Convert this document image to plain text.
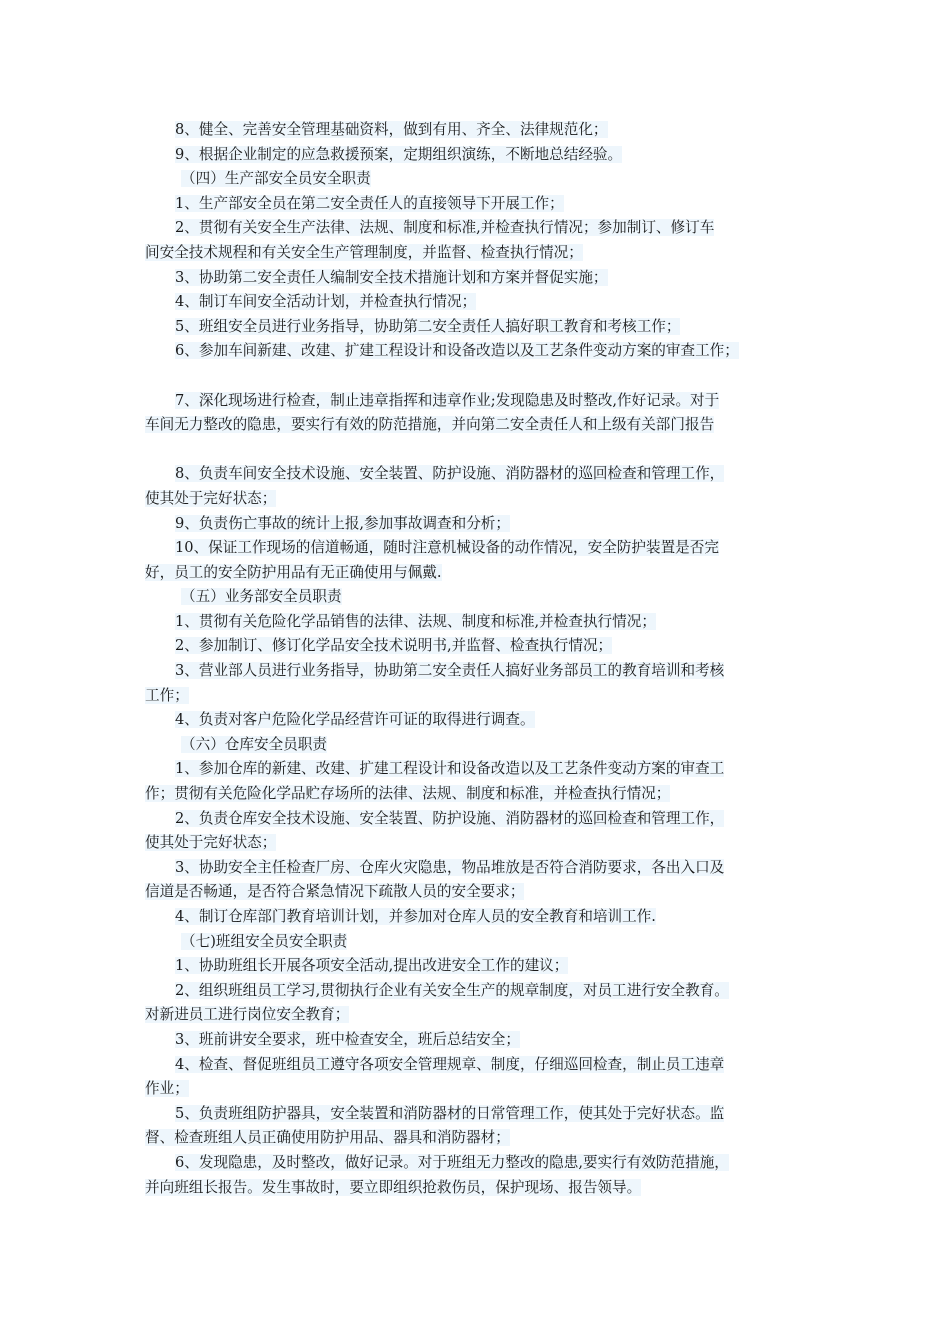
8、健全、完善安全管理基础资料，做到有用、齐全、法律规范化；
9、根据企业制定的应急救援预案，定期组织演练，不断地总结经验。
（四）生产部安全员安全职责
1、生产部安全员在第二安全责任人的直接领导下开展工作；
2、贯彻有关安全生产法律、法规、制度和标准,并检查执行情况；参加制订、修订车
间安全技术规程和有关安全生产管理制度，并监督、检查执行情况；
3、协助第二安全责任人编制安全技术措施计划和方案并督促实施；
4、制订车间安全活动计划，并检查执行情况；
5、班组安全员进行业务指导，协助第二安全责任人搞好职工教育和考核工作；
6、参加车间新建、改建、扩建工程设计和设备改造以及工艺条件变动方案的审查工作；
7、深化现场进行检查，制止违章指挥和违章作业;发现隐患及时整改,作好记录。对于
车间无力整改的隐患，要实行有效的防范措施，并向第二安全责任人和上级有关部门报告
8、负责车间安全技术设施、安全装置、防护设施、消防器材的巡回检查和管理工作，
使其处于完好状态；
9、负责伤亡事故的统计上报,参加事故调查和分析；
10、保证工作现场的信道畅通，随时注意机械设备的动作情况，安全防护装置是否完
好，员工的安全防护用品有无正确使用与佩戴.
（五）业务部安全员职责
1、贯彻有关危险化学品销售的法律、法规、制度和标准,并检查执行情况；
2、参加制订、修订化学品安全技术说明书,并监督、检查执行情况；
3、营业部人员进行业务指导，协助第二安全责任人搞好业务部员工的教育培训和考核
工作；
4、负责对客户危险化学品经营许可证的取得进行调查。
（六）仓库安全员职责
1、参加仓库的新建、改建、扩建工程设计和设备改造以及工艺条件变动方案的审查工
作；贯彻有关危险化学品贮存场所的法律、法规、制度和标准，并检查执行情况；
2、负责仓库安全技术设施、安全装置、防护设施、消防器材的巡回检查和管理工作，
使其处于完好状态；
3、协助安全主任检查厂房、仓库火灾隐患，物品堆放是否符合消防要求，各出入口及
信道是否畅通，是否符合紧急情况下疏散人员的安全要求；
4、制订仓库部门教育培训计划，并参加对仓库人员的安全教育和培训工作.
（七)班组安全员安全职责
1、协助班组长开展各项安全活动,提出改进安全工作的建议；
2、组织班组员工学习,贯彻执行企业有关安全生产的规章制度，对员工进行安全教育。
对新进员工进行岗位安全教育；
3、班前讲安全要求，班中检查安全，班后总结安全；
4、检查、督促班组员工遵守各项安全管理规章、制度，仔细巡回检查，制止员工违章
作业；
5、负责班组防护器具，安全装置和消防器材的日常管理工作，使其处于完好状态。监
督、检查班组人员正确使用防护用品、器具和消防器材；
6、发现隐患，及时整改，做好记录。对于班组无力整改的隐患,要实行有效防范措施，
并向班组长报告。发生事故时，要立即组织抢救伤员，保护现场、报告领导。
